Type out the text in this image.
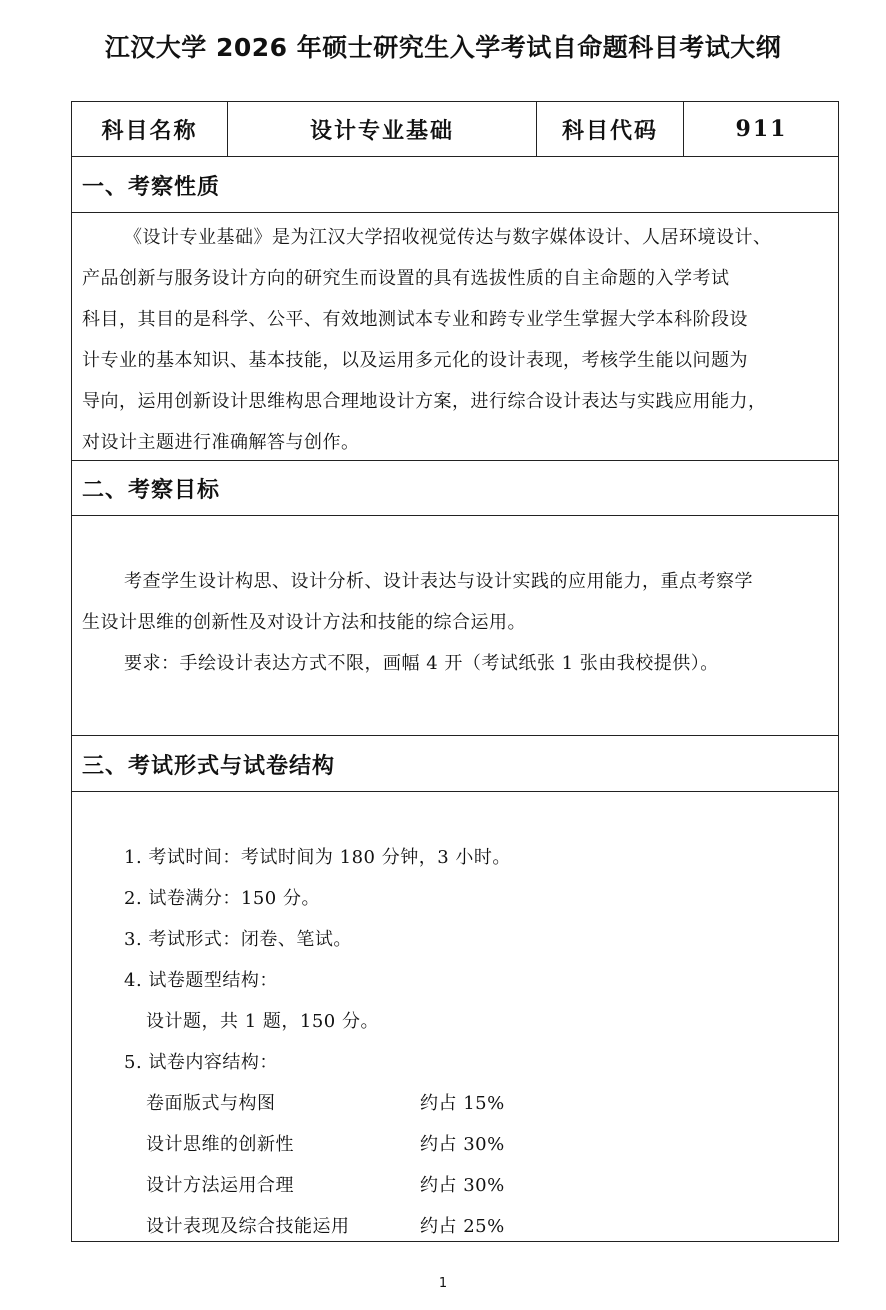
江汉大学 2026 年硕士研究生入学考试自命题科目考试大纲
科目名称	设计专业基础	科目代码	911
一、考察性质
《设计专业基础》是为江汉大学招收视觉传达与数字媒体设计、人居环境设计、
产品创新与服务设计方向的研究生而设置的具有选拔性质的自主命题的入学考试
科目，其目的是科学、公平、有效地测试本专业和跨专业学生掌握大学本科阶段设
计专业的基本知识、基本技能，以及运用多元化的设计表现，考核学生能以问题为
导向，运用创新设计思维构思合理地设计方案，进行综合设计表达与实践应用能力，
对设计主题进行准确解答与创作。
二、考察目标
考查学生设计构思、设计分析、设计表达与设计实践的应用能力，重点考察学
生设计思维的创新性及对设计方法和技能的综合运用。
要求：手绘设计表达方式不限，画幅 4 开（考试纸张 1 张由我校提供）。
三、考试形式与试卷结构
1. 考试时间：考试时间为 180 分钟，3 小时。
2. 试卷满分：150 分。
3. 考试形式：闭卷、笔试。
4. 试卷题型结构：
设计题，共 1 题，150 分。
5. 试卷内容结构：
卷面版式与构图	约占 15%
设计思维的创新性	约占 30%
设计方法运用合理	约占 30%
设计表现及综合技能运用	约占 25%
1
